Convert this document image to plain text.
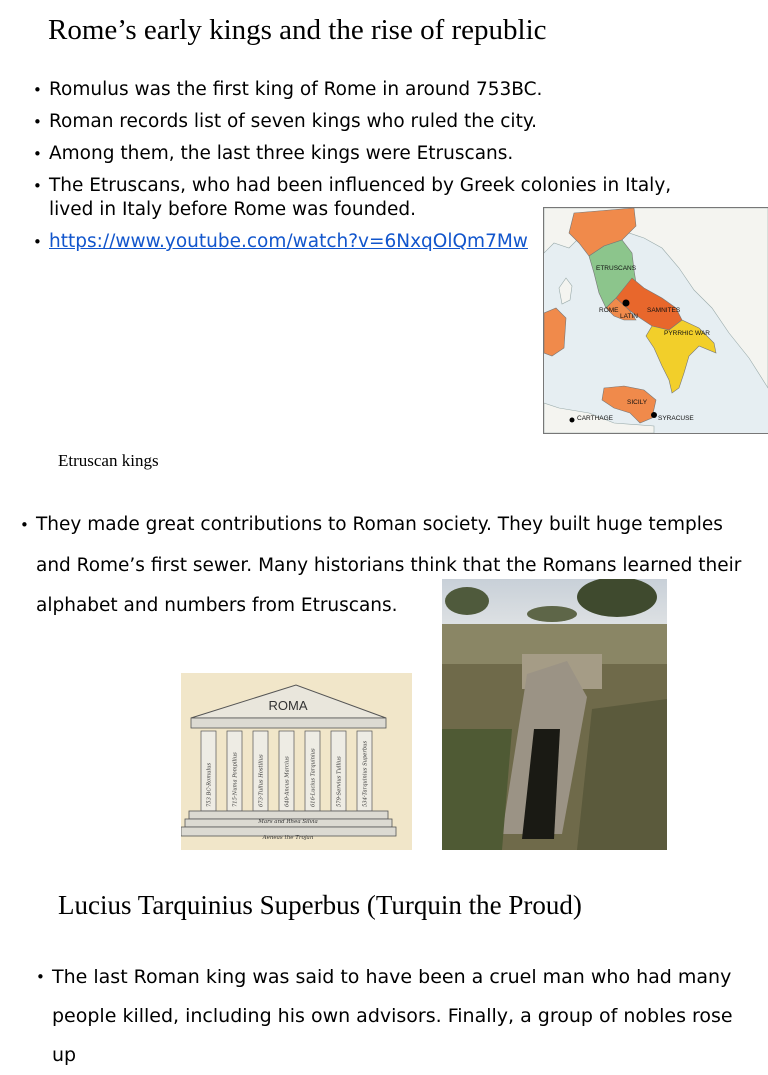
Rome’s early kings and the rise of republic
• Romulus was the first king of Rome in around 753BC.
• Roman records list of seven kings who ruled the city.
• Among them, the last three kings were Etruscans.
• The Etruscans, who had been influenced by Greek colonies in Italy, lived in Italy before Rome was founded.
• https://www.youtube.com/watch?v=6NxqOlQm7Mw
ETRUSCANS
ROME
LATIN
SAMNITES
PYRRHIC WAR
SICILY
CARTHAGE	SYRACUSE
Etruscan kings
• They made great contributions to Roman society. They built huge temples and Rome’s first sewer. Many historians think that the Romans learned their alphabet and numbers from Etruscans.
ROMA
753 BC-Romulus	715-Numa Pompilius	673-Tullus Hostilius	640-Ancus Marcius	616-Lucius Tarquinius	579-Servius Tullius	534-Tarquinius Superbus
Mars and Rhea Silvia
Aeneas the Trojan
Lucius Tarquinius Superbus (Turquin the Proud)
• The last Roman king was said to have been a cruel man who had many people killed, including his own advisors. Finally, a group of nobles rose up
